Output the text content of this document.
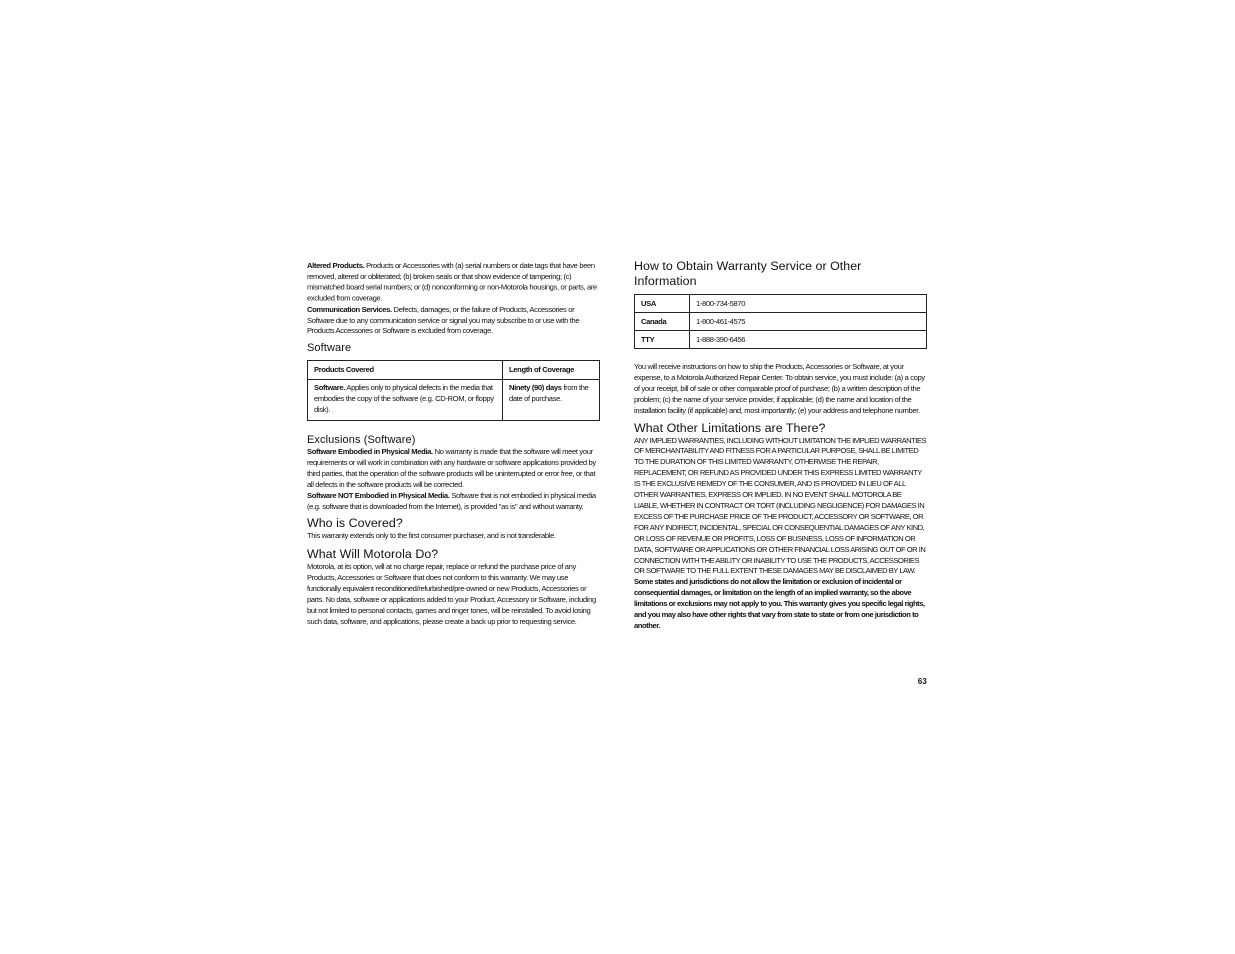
Altered Products. Products or Accessories with (a) serial numbers or date tags that have been removed, altered or obliterated; (b) broken seals or that show evidence of tampering; (c) mismatched board serial numbers; or (d) nonconforming or non-Motorola housings, or parts, are excluded from coverage.

Communication Services. Defects, damages, or the failure of Products, Accessories or Software due to any communication service or signal you may subscribe to or use with the Products Accessories or Software is excluded from coverage.

Software
Products Covered	Length of Coverage
Software. Applies only to physical defects in the media that embodies the copy of the software (e.g. CD-ROM, or floppy disk).	Ninety (90) days from the date of purchase.
Exclusions (Software)

Software Embodied in Physical Media. No warranty is made that the software will meet your requirements or will work in combination with any hardware or software applications provided by third parties, that the operation of the software products will be uninterrupted or error free, or that all defects in the software products will be corrected.

Software NOT Embodied in Physical Media. Software that is not embodied in physical media (e.g. software that is downloaded from the Internet), is provided "as is" and without warranty.

Who is Covered?

This warranty extends only to the first consumer purchaser, and is not transferable.

What Will Motorola Do?

Motorola, at its option, will at no charge repair, replace or refund the purchase price of any Products, Accessories or Software that does not conform to this warranty. We may use functionally equivalent reconditioned/refurbished/pre-owned or new Products, Accessories or parts. No data, software or applications added to your Product, Accessory or Software, including but not limited to personal contacts, games and ringer tones, will be reinstalled. To avoid losing such data, software, and applications, please create a back up prior to requesting service.

How to Obtain Warranty Service or Other Information
USA	1-800-734-5870
Canada	1-800-461-4575
TTY	1-888-390-6456

You will receive instructions on how to ship the Products, Accessories or Software, at your expense, to a Motorola Authorized Repair Center. To obtain service, you must include: (a) a copy of your receipt, bill of sale or other comparable proof of purchase; (b) a written description of the problem; (c) the name of your service provider, if applicable; (d) the name and location of the installation facility (if applicable) and, most importantly; (e) your address and telephone number.

What Other Limitations are There?

ANY IMPLIED WARRANTIES, INCLUDING WITHOUT LIMITATION THE IMPLIED WARRANTIES OF MERCHANTABILITY AND FITNESS FOR A PARTICULAR PURPOSE, SHALL BE LIMITED TO THE DURATION OF THIS LIMITED WARRANTY, OTHERWISE THE REPAIR, REPLACEMENT, OR REFUND AS PROVIDED UNDER THIS EXPRESS LIMITED WARRANTY IS THE EXCLUSIVE REMEDY OF THE CONSUMER, AND IS PROVIDED IN LIEU OF ALL OTHER WARRANTIES, EXPRESS OR IMPLIED. IN NO EVENT SHALL MOTOROLA BE LIABLE, WHETHER IN CONTRACT OR TORT (INCLUDING NEGLIGENCE) FOR DAMAGES IN EXCESS OF THE PURCHASE PRICE OF THE PRODUCT, ACCESSORY OR SOFTWARE, OR FOR ANY INDIRECT, INCIDENTAL, SPECIAL OR CONSEQUENTIAL DAMAGES OF ANY KIND, OR LOSS OF REVENUE OR PROFITS, LOSS OF BUSINESS, LOSS OF INFORMATION OR DATA, SOFTWARE OR APPLICATIONS OR OTHER FINANCIAL LOSS ARISING OUT OF OR IN CONNECTION WITH THE ABILITY OR INABILITY TO USE THE PRODUCTS, ACCESSORIES OR SOFTWARE TO THE FULL EXTENT THESE DAMAGES MAY BE DISCLAIMED BY LAW.

Some states and jurisdictions do not allow the limitation or exclusion of incidental or consequential damages, or limitation on the length of an implied warranty, so the above limitations or exclusions may not apply to you. This warranty gives you specific legal rights, and you may also have other rights that vary from state to state or from one jurisdiction to another.

63
